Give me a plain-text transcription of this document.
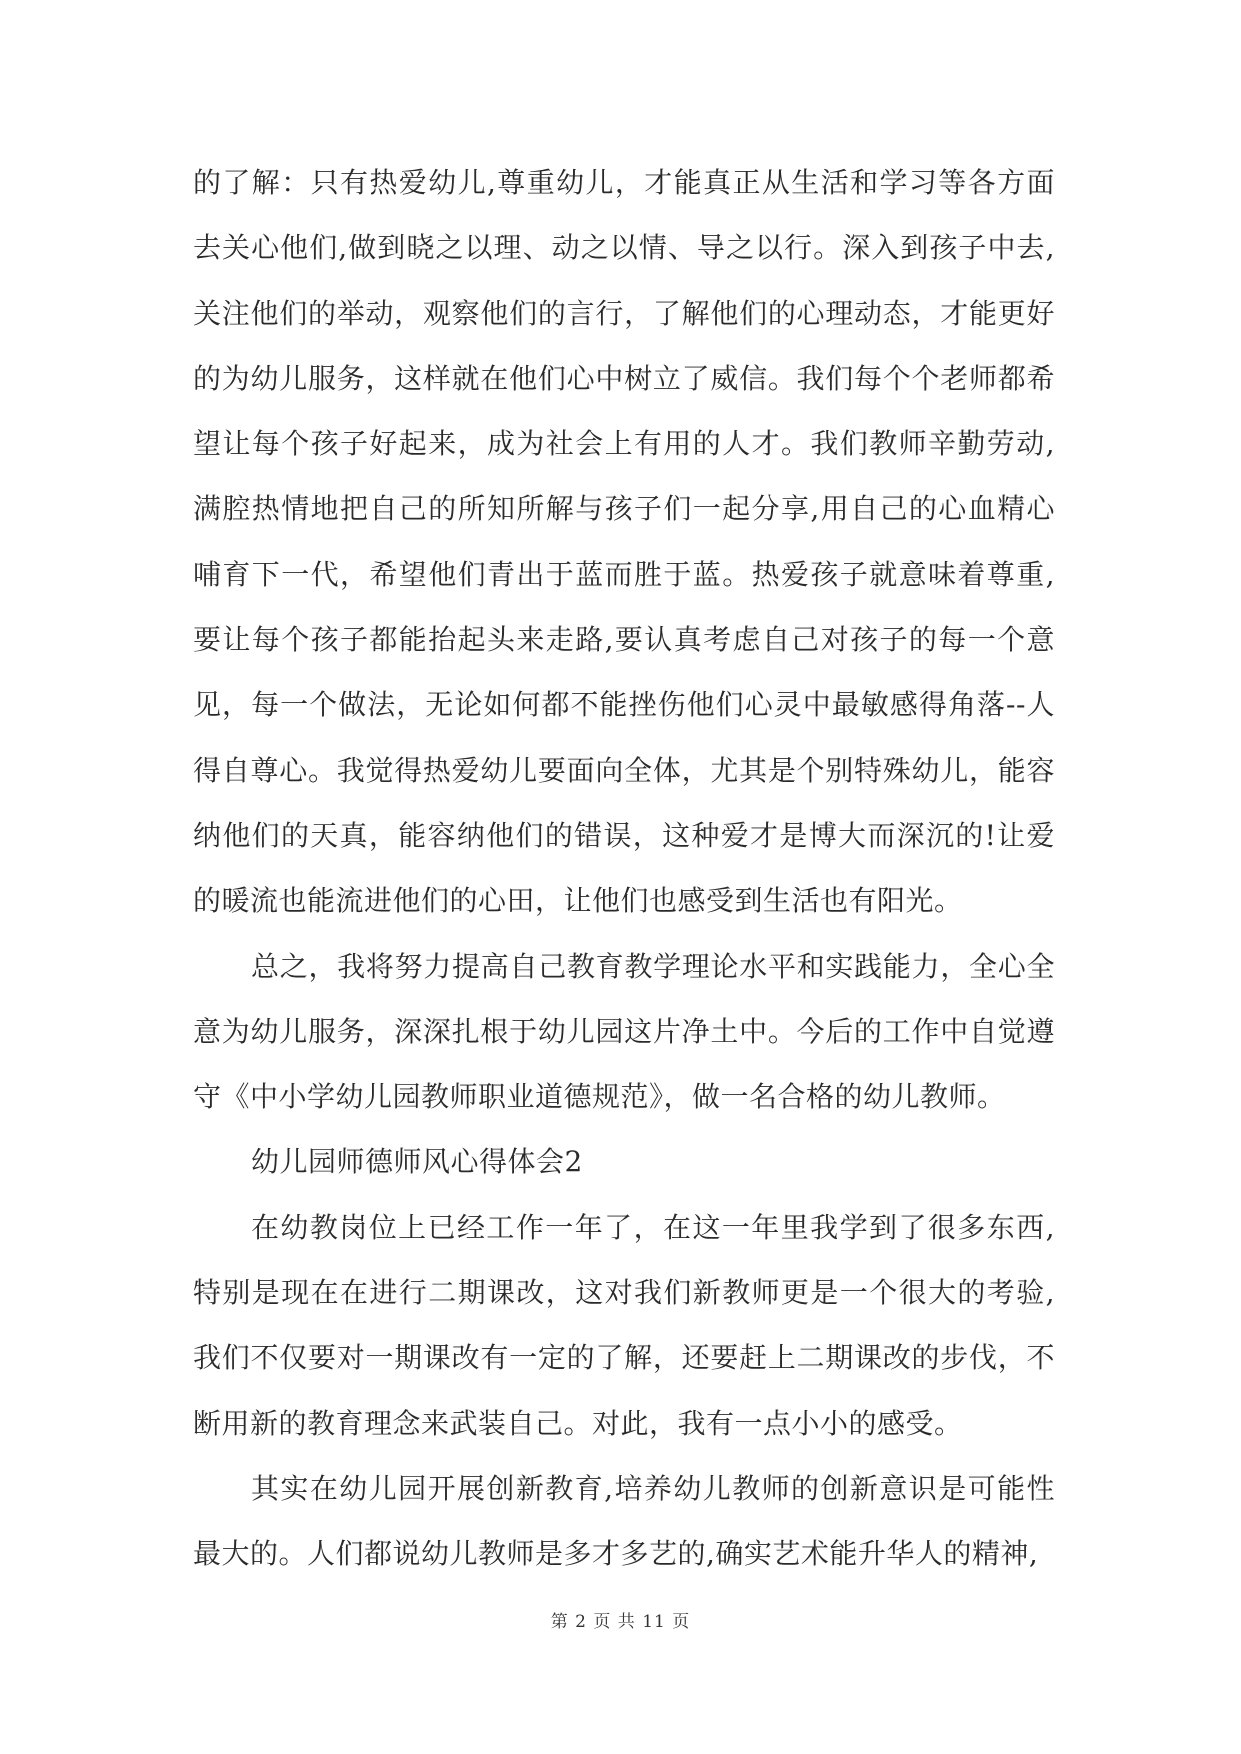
的了解：只有热爱幼儿,尊重幼儿，才能真正从生活和学习等各方面去关心他们,做到晓之以理、动之以情、导之以行。深入到孩子中去,关注他们的举动，观察他们的言行，了解他们的心理动态，才能更好的为幼儿服务，这样就在他们心中树立了威信。我们每个个老师都希望让每个孩子好起来，成为社会上有用的人才。我们教师辛勤劳动,满腔热情地把自己的所知所解与孩子们一起分享,用自己的心血精心哺育下一代，希望他们青出于蓝而胜于蓝。热爱孩子就意味着尊重,要让每个孩子都能抬起头来走路,要认真考虑自己对孩子的每一个意见，每一个做法，无论如何都不能挫伤他们心灵中最敏感得角落--人得自尊心。我觉得热爱幼儿要面向全体，尤其是个别特殊幼儿，能容纳他们的天真，能容纳他们的错误，这种爱才是博大而深沉的!让爱的暖流也能流进他们的心田，让他们也感受到生活也有阳光。

总之，我将努力提高自己教育教学理论水平和实践能力，全心全意为幼儿服务，深深扎根于幼儿园这片净土中。今后的工作中自觉遵守《中小学幼儿园教师职业道德规范》，做一名合格的幼儿教师。

幼儿园师德师风心得体会2

在幼教岗位上已经工作一年了，在这一年里我学到了很多东西,特别是现在在进行二期课改，这对我们新教师更是一个很大的考验,我们不仅要对一期课改有一定的了解，还要赶上二期课改的步伐，不断用新的教育理念来武装自己。对此，我有一点小小的感受。

其实在幼儿园开展创新教育,培养幼儿教师的创新意识是可能性最大的。人们都说幼儿教师是多才多艺的,确实艺术能升华人的精神,

第 2 页 共 11 页
